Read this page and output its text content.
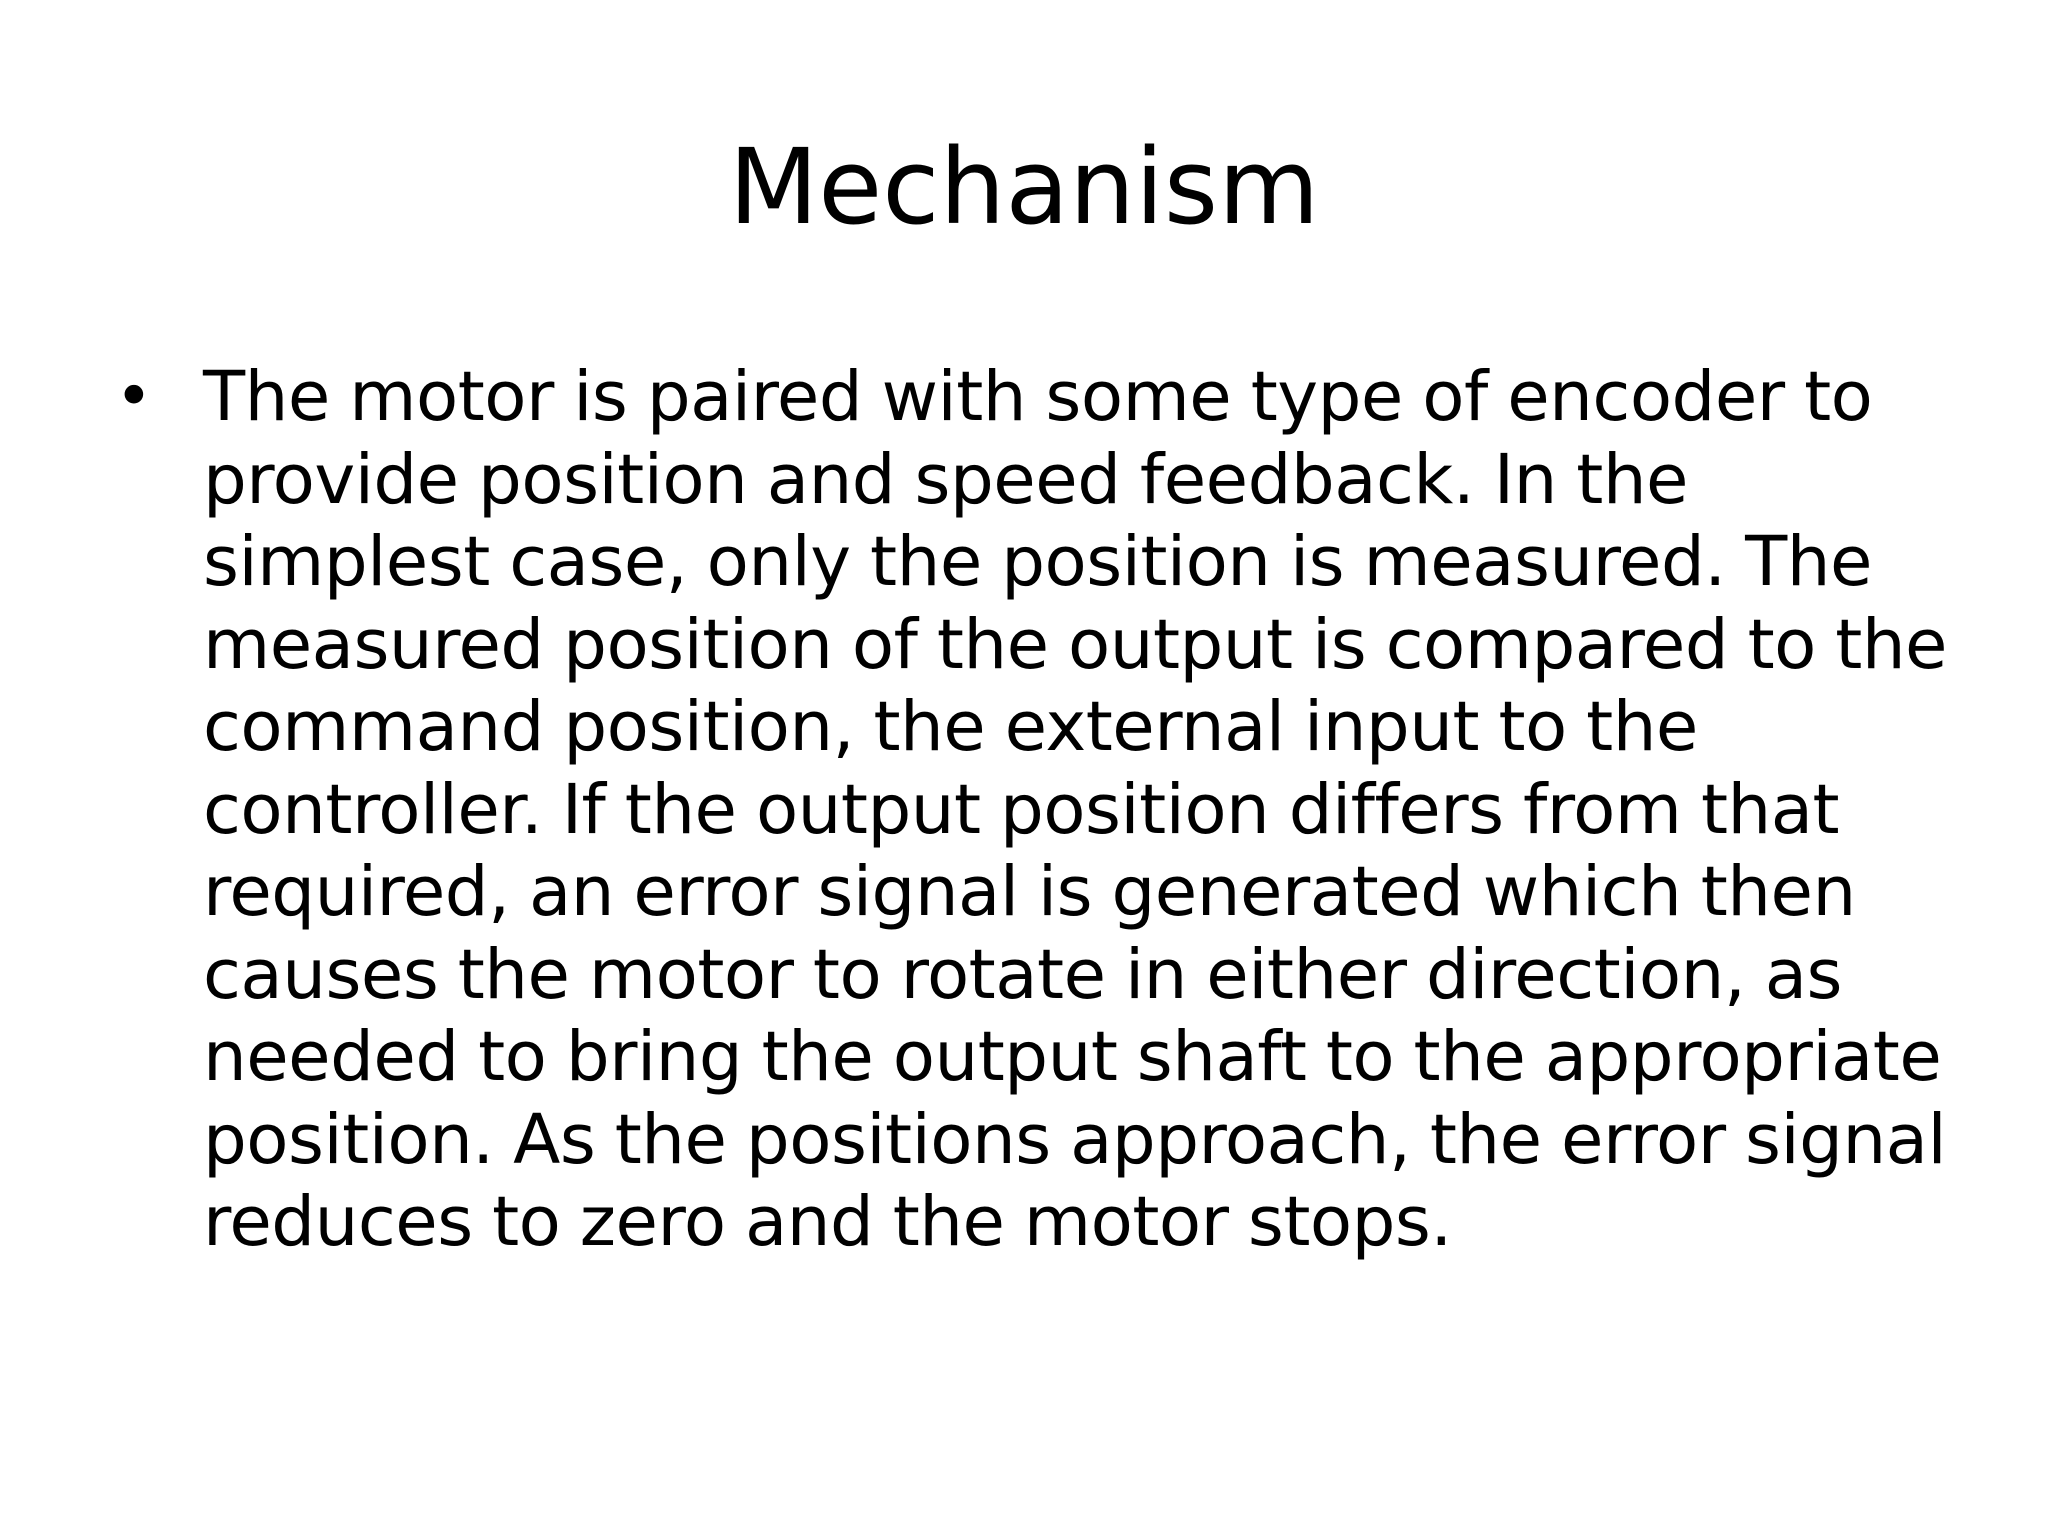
Mechanism
• The motor is paired with some type of encoder to provide position and speed feedback. In the simplest case, only the position is measured. The measured position of the output is compared to the command position, the external input to the controller. If the output position differs from that required, an error signal is generated which then causes the motor to rotate in either direction, as needed to bring the output shaft to the appropriate position. As the positions approach, the error signal reduces to zero and the motor stops.
